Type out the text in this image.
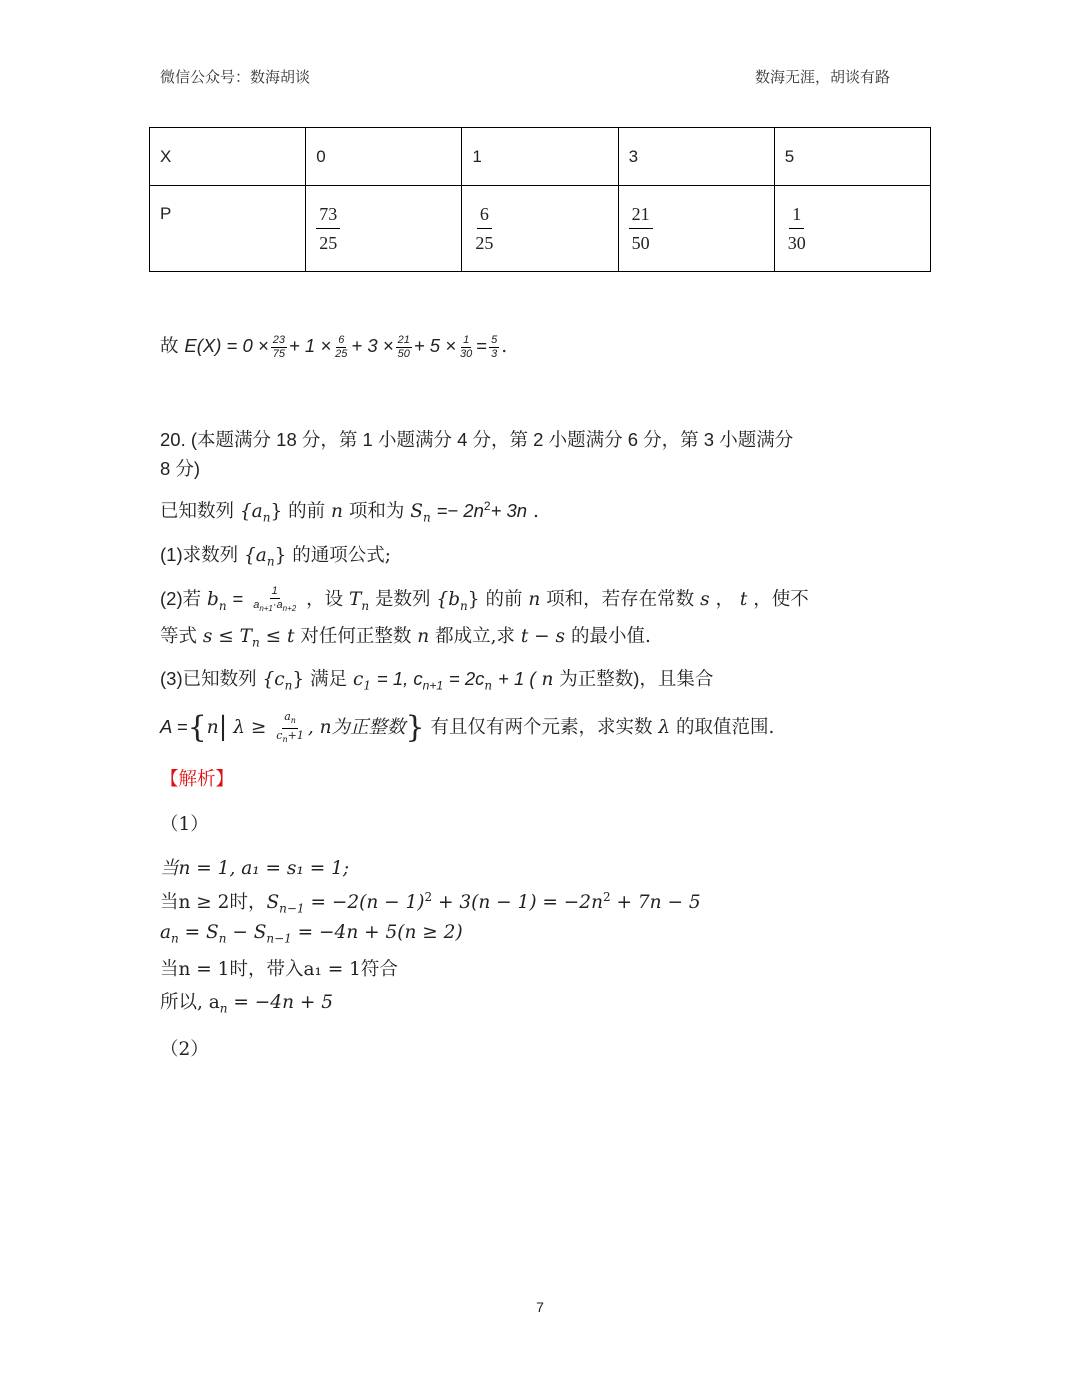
微信公众号：数海胡谈	数海无涯，胡谈有路
X	0	1	3	5
P	$\frac{73}{25}$	$\frac{6}{25}$	$\frac{21}{50}$	$\frac{1}{30}$
故 $E(X) = 0 \times \frac{23}{75} + 1 \times \frac{6}{25} + 3 \times \frac{21}{50} + 5 \times \frac{1}{30} = \frac{5}{3}$ .
20. (本题满分 18 分，第 1 小题满分 4 分，第 2 小题满分 6 分，第 3 小题满分
8 分)
已知数列 $\{a_n\}$ 的前 n 项和为 $S_n =- 2n^2+ 3n$ .
(1)求数列 $\{a_n\}$ 的通项公式;
(2)若 $b_n = \frac{1}{a_{n+1}\cdot a_{n+2}}$ ，设 $T_n$ 是数列 $\{b_n\}$ 的前 n 项和，若存在常数 s ， t ，使不
等式 $s \le T_n \le t$ 对任何正整数 n 都成立,求 t − s 的最小值.
(3)已知数列 $\{c_n\}$ 满足 $c_1 = 1$, $c_{n+1} = 2c_n + 1$ ( n 为正整数)，且集合
A ={n| $\lambda \ge \frac{a_n}{c_n+1}$ , n为正整数} 有且仅有两个元素，求实数 λ 的取值范围.
【解析】
（1）
当n = 1, a₁ = s₁ = 1;
当n ≥ 2时，$S_{n-1} = -2(n - 1)^2 + 3(n - 1) = -2n^2 + 7n - 5$
$a_n = S_n - S_{n-1} = -4n + 5(n \ge 2)$
当n = 1时，带入a₁ = 1符合
所以, $a_n = -4n + 5$
（2）
7
